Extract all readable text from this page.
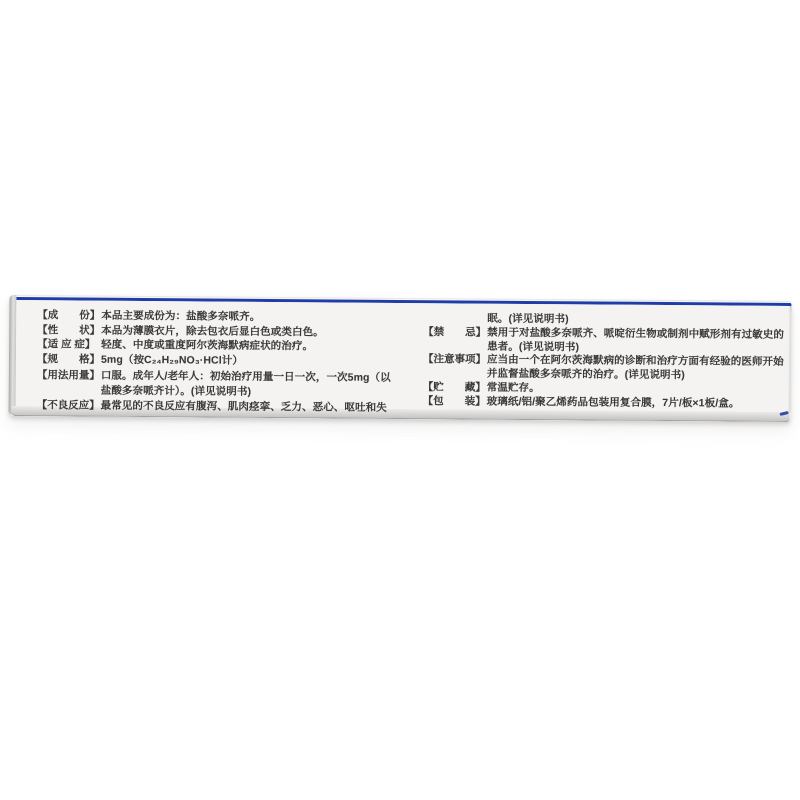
【成　　份】 本品主要成份为：盐酸多奈哌齐。
【性　　状】 本品为薄膜衣片，除去包衣后显白色或类白色。
【适 应 症】 轻度、中度或重度阿尔茨海默病症状的治疗。
【规　　格】 5mg（按C₂₄H₂₉NO₃·HCl计）
【用法用量】 口服。成年人/老年人：初始治疗用量一日一次，一次5mg（以
盐酸多奈哌齐计）。(详见说明书)
【不良反应】 最常见的不良反应有腹泻、肌肉痉挛、乏力、恶心、呕吐和失
眠。(详见说明书)
【禁　　忌】 禁用于对盐酸多奈哌齐、哌啶衍生物或制剂中赋形剂有过敏史的
患者。(详见说明书)
【注意事项】 应当由一个在阿尔茨海默病的诊断和治疗方面有经验的医师开始
并监督盐酸多奈哌齐的治疗。(详见说明书)
【贮　　藏】 常温贮存。
【包　　装】 玻璃纸/铝/聚乙烯药品包装用复合膜，7片/板×1板/盒。
